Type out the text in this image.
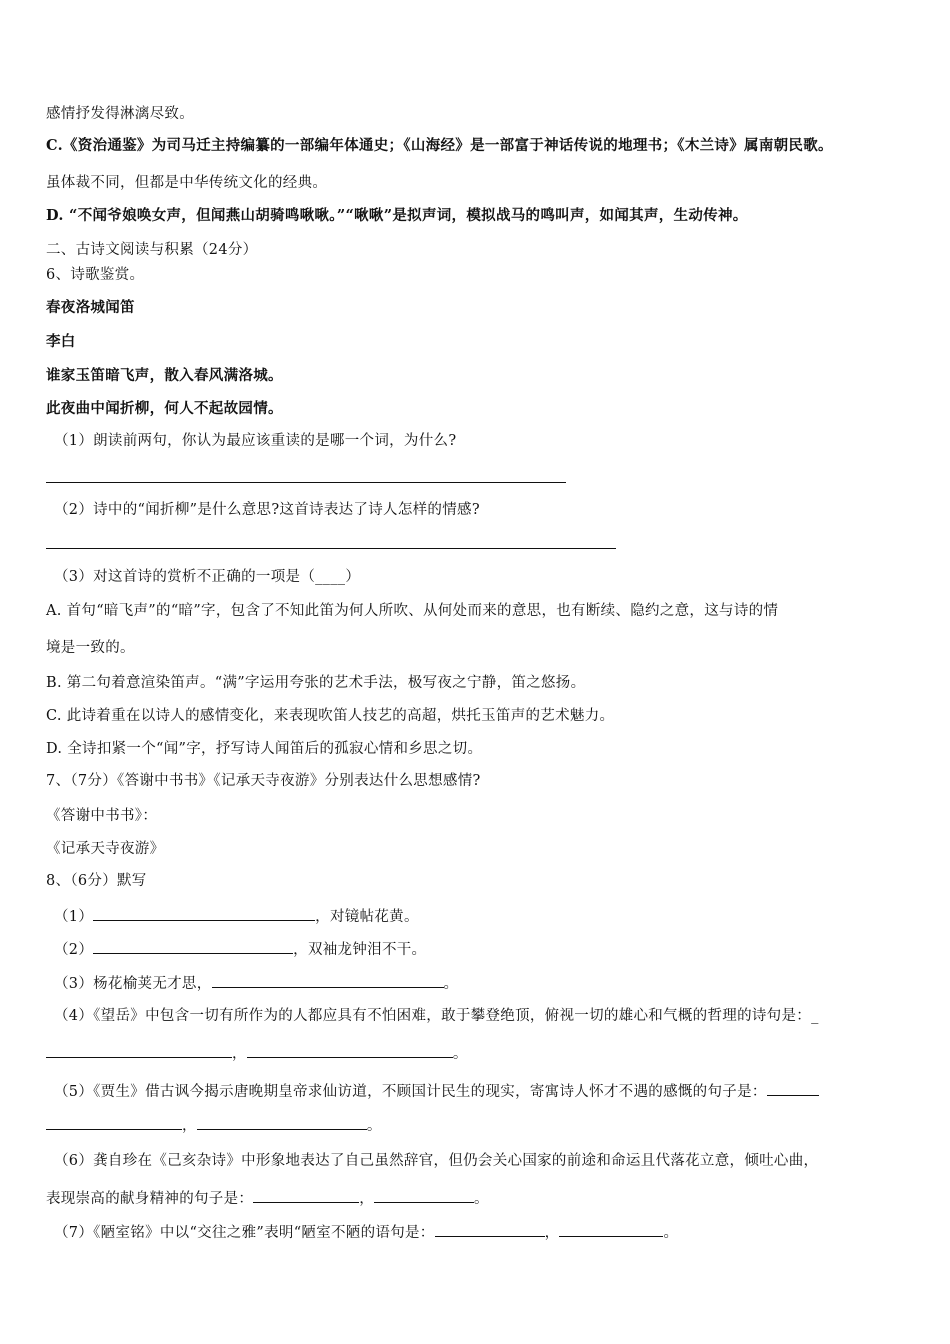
感情抒发得淋漓尽致。
C.《资治通鉴》为司马迁主持编纂的一部编年体通史；《山海经》是一部富于神话传说的地理书；《木兰诗》属南朝民歌。
虽体裁不同，但都是中华传统文化的经典。
D. “不闻爷娘唤女声，但闻燕山胡骑鸣啾啾。”“啾啾”是拟声词，模拟战马的鸣叫声，如闻其声，生动传神。
二、古诗文阅读与积累（24分）
6、诗歌鉴赏。
春夜洛城闻笛
李白
谁家玉笛暗飞声，散入春风满洛城。
此夜曲中闻折柳，何人不起故园情。
（1）朗读前两句，你认为最应该重读的是哪一个词，为什么?
（2）诗中的“闻折柳”是什么意思?这首诗表达了诗人怎样的情感?
（3）对这首诗的赏析不正确的一项是（____）
A. 首句“暗飞声”的“暗”字，包含了不知此笛为何人所吹、从何处而来的意思，也有断续、隐约之意，这与诗的情
境是一致的。
B. 第二句着意渲染笛声。“满”字运用夸张的艺术手法，极写夜之宁静，笛之悠扬。
C. 此诗着重在以诗人的感情变化，来表现吹笛人技艺的高超，烘托玉笛声的艺术魅力。
D. 全诗扣紧一个“闻”字，抒写诗人闻笛后的孤寂心情和乡思之切。
7、（7分）《答谢中书书》《记承天寺夜游》分别表达什么思想感情?
《答谢中书书》：
《记承天寺夜游》
8、（6分）默写
（1）	，对镜帖花黄。
（2）	，双袖龙钟泪不干。
（3）杨花榆荚无才思，	。
（4）《望岳》中包含一切有所作为的人都应具有不怕困难，敢于攀登绝顶，俯视一切的雄心和气概的哲理的诗句是：_
，	。
（5）《贾生》借古讽今揭示唐晚期皇帝求仙访道，不顾国计民生的现实，寄寓诗人怀才不遇的感慨的句子是：
，	。
（6）龚自珍在《己亥杂诗》中形象地表达了自己虽然辞官，但仍会关心国家的前途和命运且代落花立意，倾吐心曲，
表现崇高的献身精神的句子是：	，	。
（7）《陋室铭》中以“交往之雅”表明“陋室不陋的语句是：	，	。
